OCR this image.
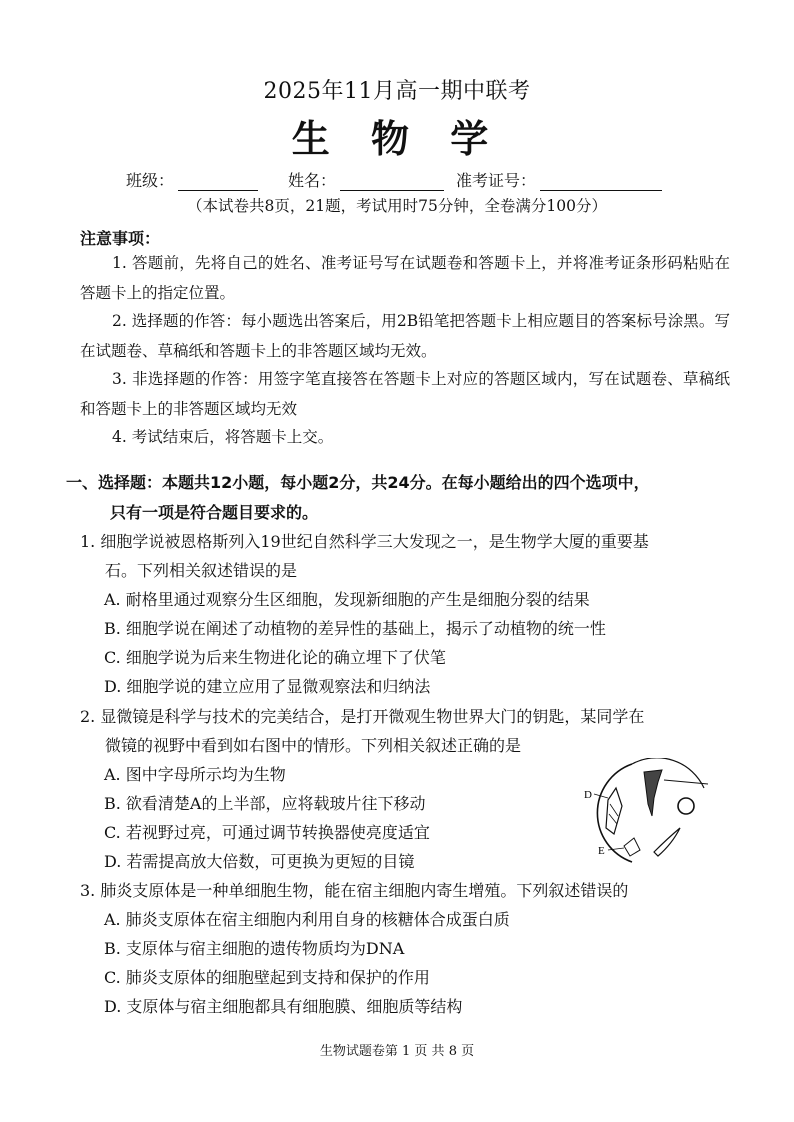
2025年11月高一期中联考
生 物 学
班级：	姓名：	准考证号：
（本试卷共8页，21题，考试用时75分钟，全卷满分100分）
注意事项：
1. 答题前，先将自己的姓名、准考证号写在试题卷和答题卡上，并将准考证条形码粘贴在答题卡上的指定位置。
2. 选择题的作答：每小题选出答案后，用2B铅笔把答题卡上相应题目的答案标号涂黑。写在试题卷、草稿纸和答题卡上的非答题区域均无效。
3. 非选择题的作答：用签字笔直接答在答题卡上对应的答题区域内，写在试题卷、草稿纸和答题卡上的非答题区域均无效
4. 考试结束后，将答题卡上交。
一、选择题：本题共12小题，每小题2分，共24分。在每小题给出的四个选项中，
只有一项是符合题目要求的。
1. 细胞学说被恩格斯列入19世纪自然科学三大发现之一，是生物学大厦的重要基
石。下列相关叙述错误的是
A. 耐格里通过观察分生区细胞，发现新细胞的产生是细胞分裂的结果
B. 细胞学说在阐述了动植物的差异性的基础上，揭示了动植物的统一性
C. 细胞学说为后来生物进化论的确立埋下了伏笔
D. 细胞学说的建立应用了显微观察法和归纳法
2. 显微镜是科学与技术的完美结合，是打开微观生物世界大门的钥匙，某同学在
微镜的视野中看到如右图中的情形。下列相关叙述正确的是
A. 图中字母所示均为生物
B. 欲看清楚A的上半部，应将载玻片往下移动
C. 若视野过亮，可通过调节转换器使亮度适宜
D. 若需提高放大倍数，可更换为更短的目镜
D
E
3. 肺炎支原体是一种单细胞生物，能在宿主细胞内寄生增殖。下列叙述错误的
A. 肺炎支原体在宿主细胞内利用自身的核糖体合成蛋白质
B. 支原体与宿主细胞的遗传物质均为DNA
C. 肺炎支原体的细胞壁起到支持和保护的作用
D. 支原体与宿主细胞都具有细胞膜、细胞质等结构
生物试题卷第 1 页 共 8 页
